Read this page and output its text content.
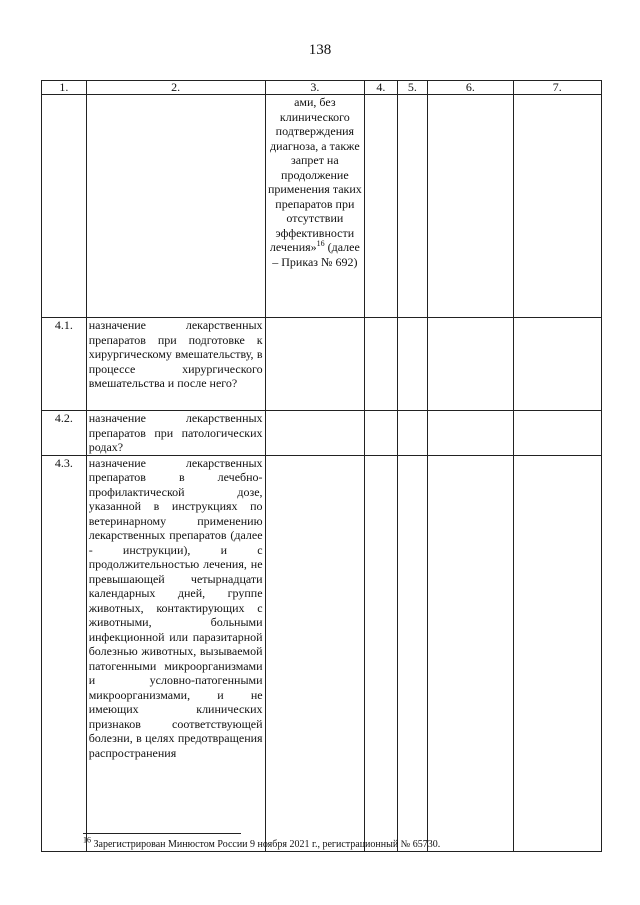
138
1.	2.	3.	4.	5.	6.	7.
		ами, без клинического подтверждения диагноза, а также запрет на продолжение применения таких препаратов при отсутствии эффективности лечения»$^{16}$ (далее – Приказ № 692)				
4.1.	назначение лекарственных препаратов при подготовке к хирургическому вмешательству, в процессе хирургического вмешательства и после него?					
4.2.	назначение лекарственных препаратов при патологических родах?					
4.3.	назначение лекарственных препаратов в лечебно-профилактической дозе, указанной в инструкциях по ветеринарному применению лекарственных препаратов (далее - инструкции), и с продолжительностью лечения, не превышающей четырнадцати календарных дней, группе животных, контактирующих с животными, больными инфекционной или паразитарной болезнью животных, вызываемой патогенными микроорганизмами и условно-патогенными микроорганизмами, и не имеющих клинических признаков соответствующей болезни, в целях предотвращения распространения					
$^{16}$ Зарегистрирован Минюстом России 9 ноября 2021 г., регистрационный № 65730.
